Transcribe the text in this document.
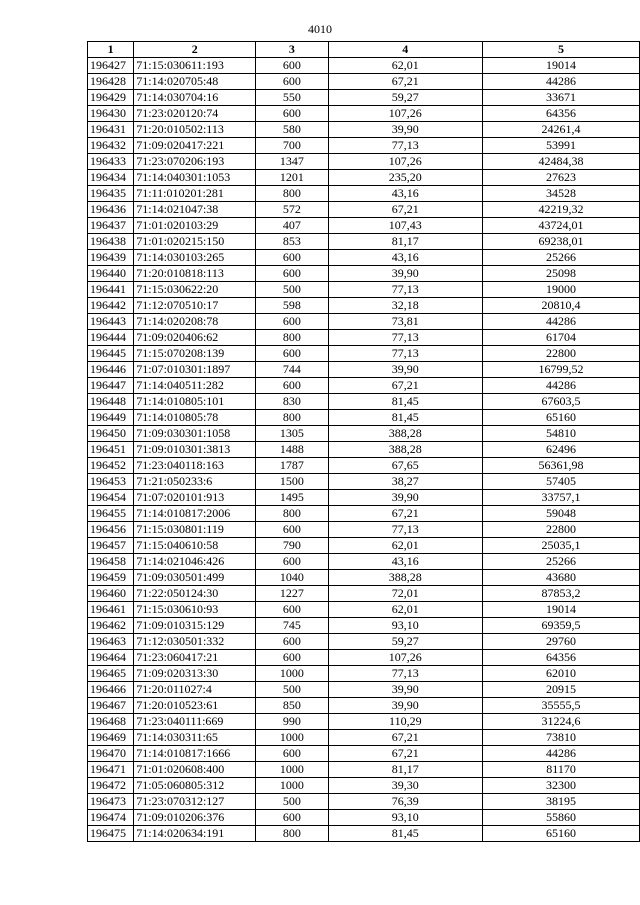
4010
1	2	3	4	5
196427	71:15:030611:193	600	62,01	19014
196428	71:14:020705:48	600	67,21	44286
196429	71:14:030704:16	550	59,27	33671
196430	71:23:020120:74	600	107,26	64356
196431	71:20:010502:113	580	39,90	24261,4
196432	71:09:020417:221	700	77,13	53991
196433	71:23:070206:193	1347	107,26	42484,38
196434	71:14:040301:1053	1201	235,20	27623
196435	71:11:010201:281	800	43,16	34528
196436	71:14:021047:38	572	67,21	42219,32
196437	71:01:020103:29	407	107,43	43724,01
196438	71:01:020215:150	853	81,17	69238,01
196439	71:14:030103:265	600	43,16	25266
196440	71:20:010818:113	600	39,90	25098
196441	71:15:030622:20	500	77,13	19000
196442	71:12:070510:17	598	32,18	20810,4
196443	71:14:020208:78	600	73,81	44286
196444	71:09:020406:62	800	77,13	61704
196445	71:15:070208:139	600	77,13	22800
196446	71:07:010301:1897	744	39,90	16799,52
196447	71:14:040511:282	600	67,21	44286
196448	71:14:010805:101	830	81,45	67603,5
196449	71:14:010805:78	800	81,45	65160
196450	71:09:030301:1058	1305	388,28	54810
196451	71:09:010301:3813	1488	388,28	62496
196452	71:23:040118:163	1787	67,65	56361,98
196453	71:21:050233:6	1500	38,27	57405
196454	71:07:020101:913	1495	39,90	33757,1
196455	71:14:010817:2006	800	67,21	59048
196456	71:15:030801:119	600	77,13	22800
196457	71:15:040610:58	790	62,01	25035,1
196458	71:14:021046:426	600	43,16	25266
196459	71:09:030501:499	1040	388,28	43680
196460	71:22:050124:30	1227	72,01	87853,2
196461	71:15:030610:93	600	62,01	19014
196462	71:09:010315:129	745	93,10	69359,5
196463	71:12:030501:332	600	59,27	29760
196464	71:23:060417:21	600	107,26	64356
196465	71:09:020313:30	1000	77,13	62010
196466	71:20:011027:4	500	39,90	20915
196467	71:20:010523:61	850	39,90	35555,5
196468	71:23:040111:669	990	110,29	31224,6
196469	71:14:030311:65	1000	67,21	73810
196470	71:14:010817:1666	600	67,21	44286
196471	71:01:020608:400	1000	81,17	81170
196472	71:05:060805:312	1000	39,30	32300
196473	71:23:070312:127	500	76,39	38195
196474	71:09:010206:376	600	93,10	55860
196475	71:14:020634:191	800	81,45	65160
